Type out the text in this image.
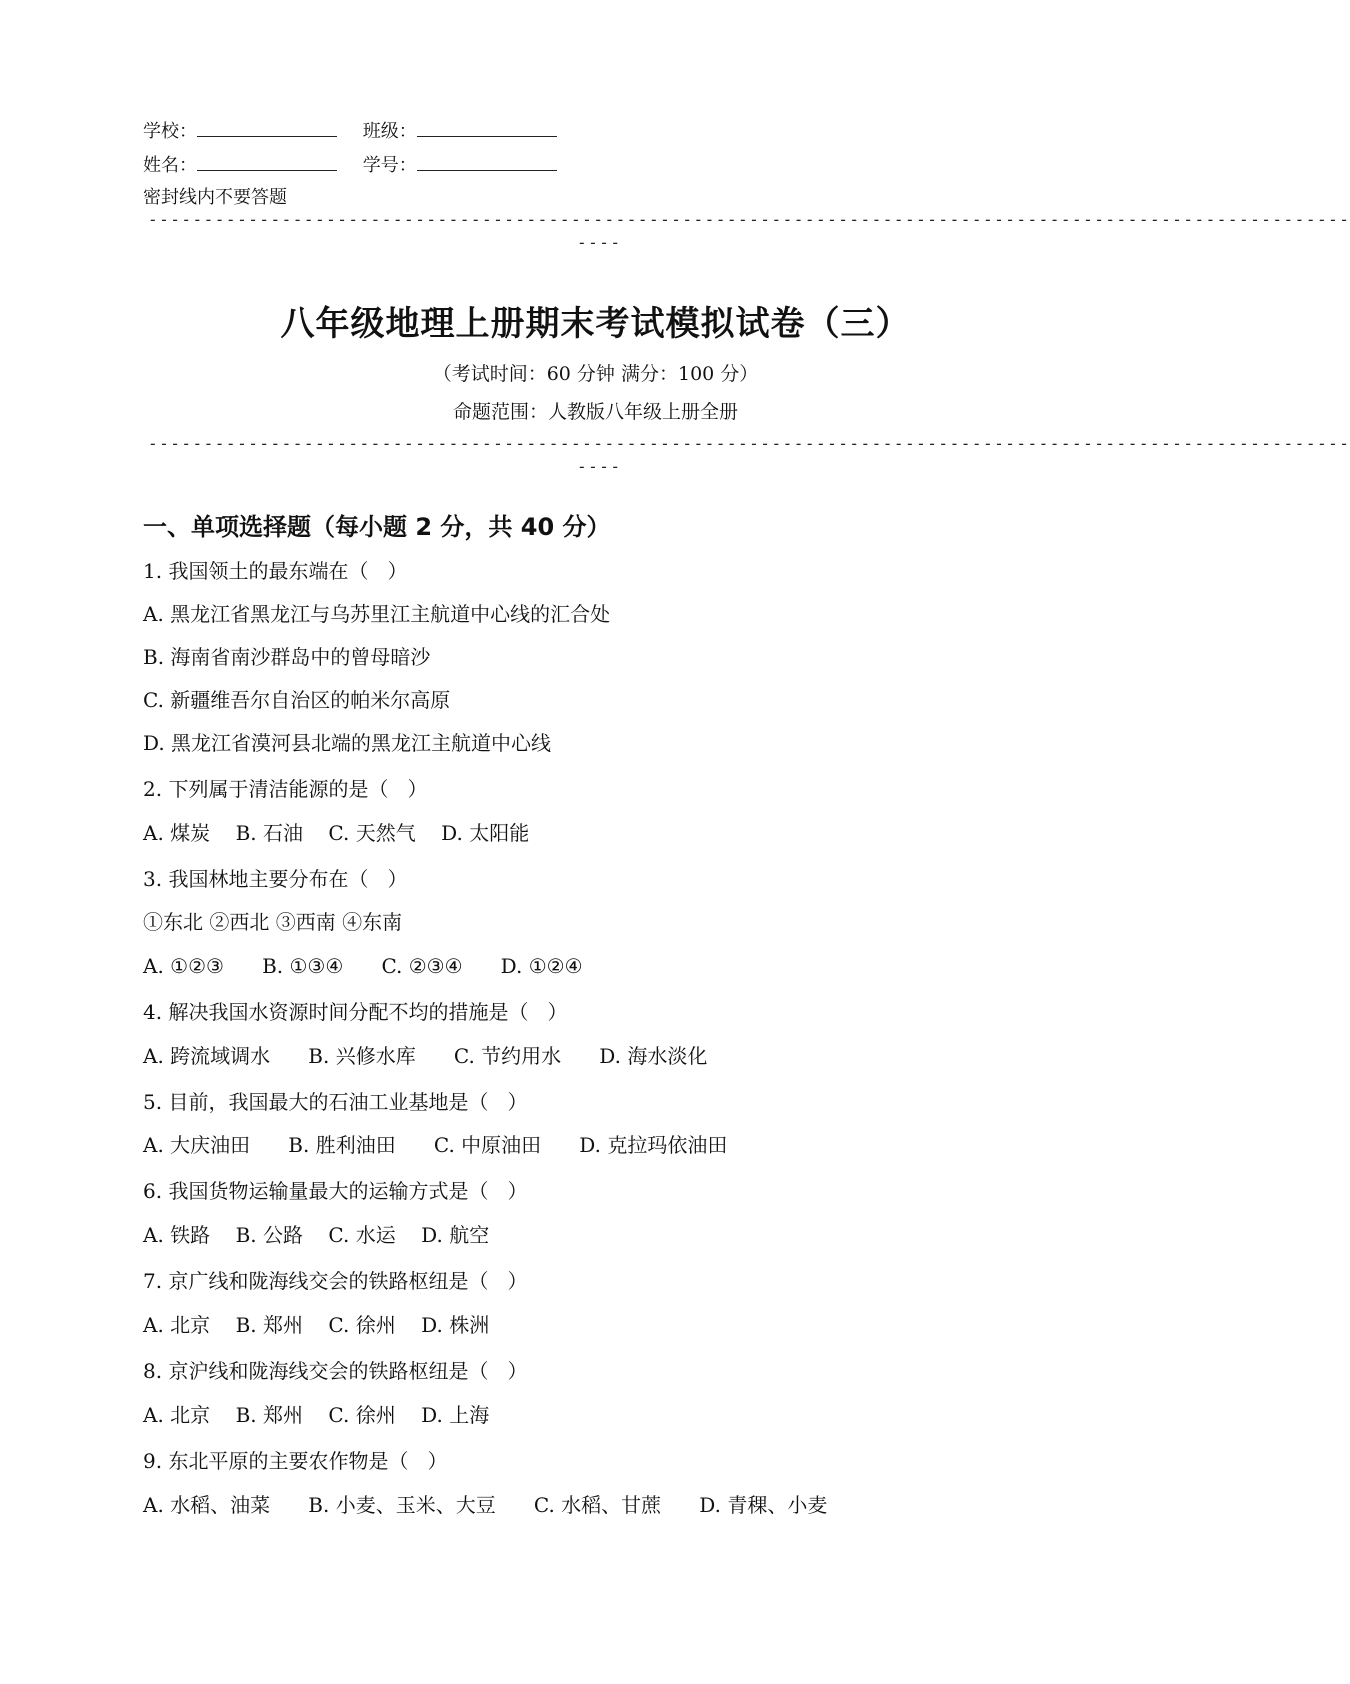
学校：	班级：
姓名：	学号：
密封线内不要答题
------------------------------------------------------------------------------------------------------------
----
八年级地理上册期末考试模拟试卷（三）
（考试时间：60 分钟 满分：100 分）
命题范围：人教版八年级上册全册
------------------------------------------------------------------------------------------------------------
----
一、单项选择题（每小题 2 分，共 40 分）
1. 我国领土的最东端在（   ）
A. 黑龙江省黑龙江与乌苏里江主航道中心线的汇合处
B. 海南省南沙群岛中的曾母暗沙
C. 新疆维吾尔自治区的帕米尔高原
D. 黑龙江省漠河县北端的黑龙江主航道中心线
2. 下列属于清洁能源的是（   ）
A. 煤炭    B. 石油    C. 天然气    D. 太阳能
3. 我国林地主要分布在（   ）
①东北 ②西北 ③西南 ④东南
A. ①②③      B. ①③④      C. ②③④      D. ①②④
4. 解决我国水资源时间分配不均的措施是（   ）
A. 跨流域调水      B. 兴修水库      C. 节约用水      D. 海水淡化
5. 目前，我国最大的石油工业基地是（   ）
A. 大庆油田      B. 胜利油田      C. 中原油田      D. 克拉玛依油田
6. 我国货物运输量最大的运输方式是（   ）
A. 铁路    B. 公路    C. 水运    D. 航空
7. 京广线和陇海线交会的铁路枢纽是（   ）
A. 北京    B. 郑州    C. 徐州    D. 株洲
8. 京沪线和陇海线交会的铁路枢纽是（   ）
A. 北京    B. 郑州    C. 徐州    D. 上海
9. 东北平原的主要农作物是（   ）
A. 水稻、油菜      B. 小麦、玉米、大豆      C. 水稻、甘蔗      D. 青稞、小麦
